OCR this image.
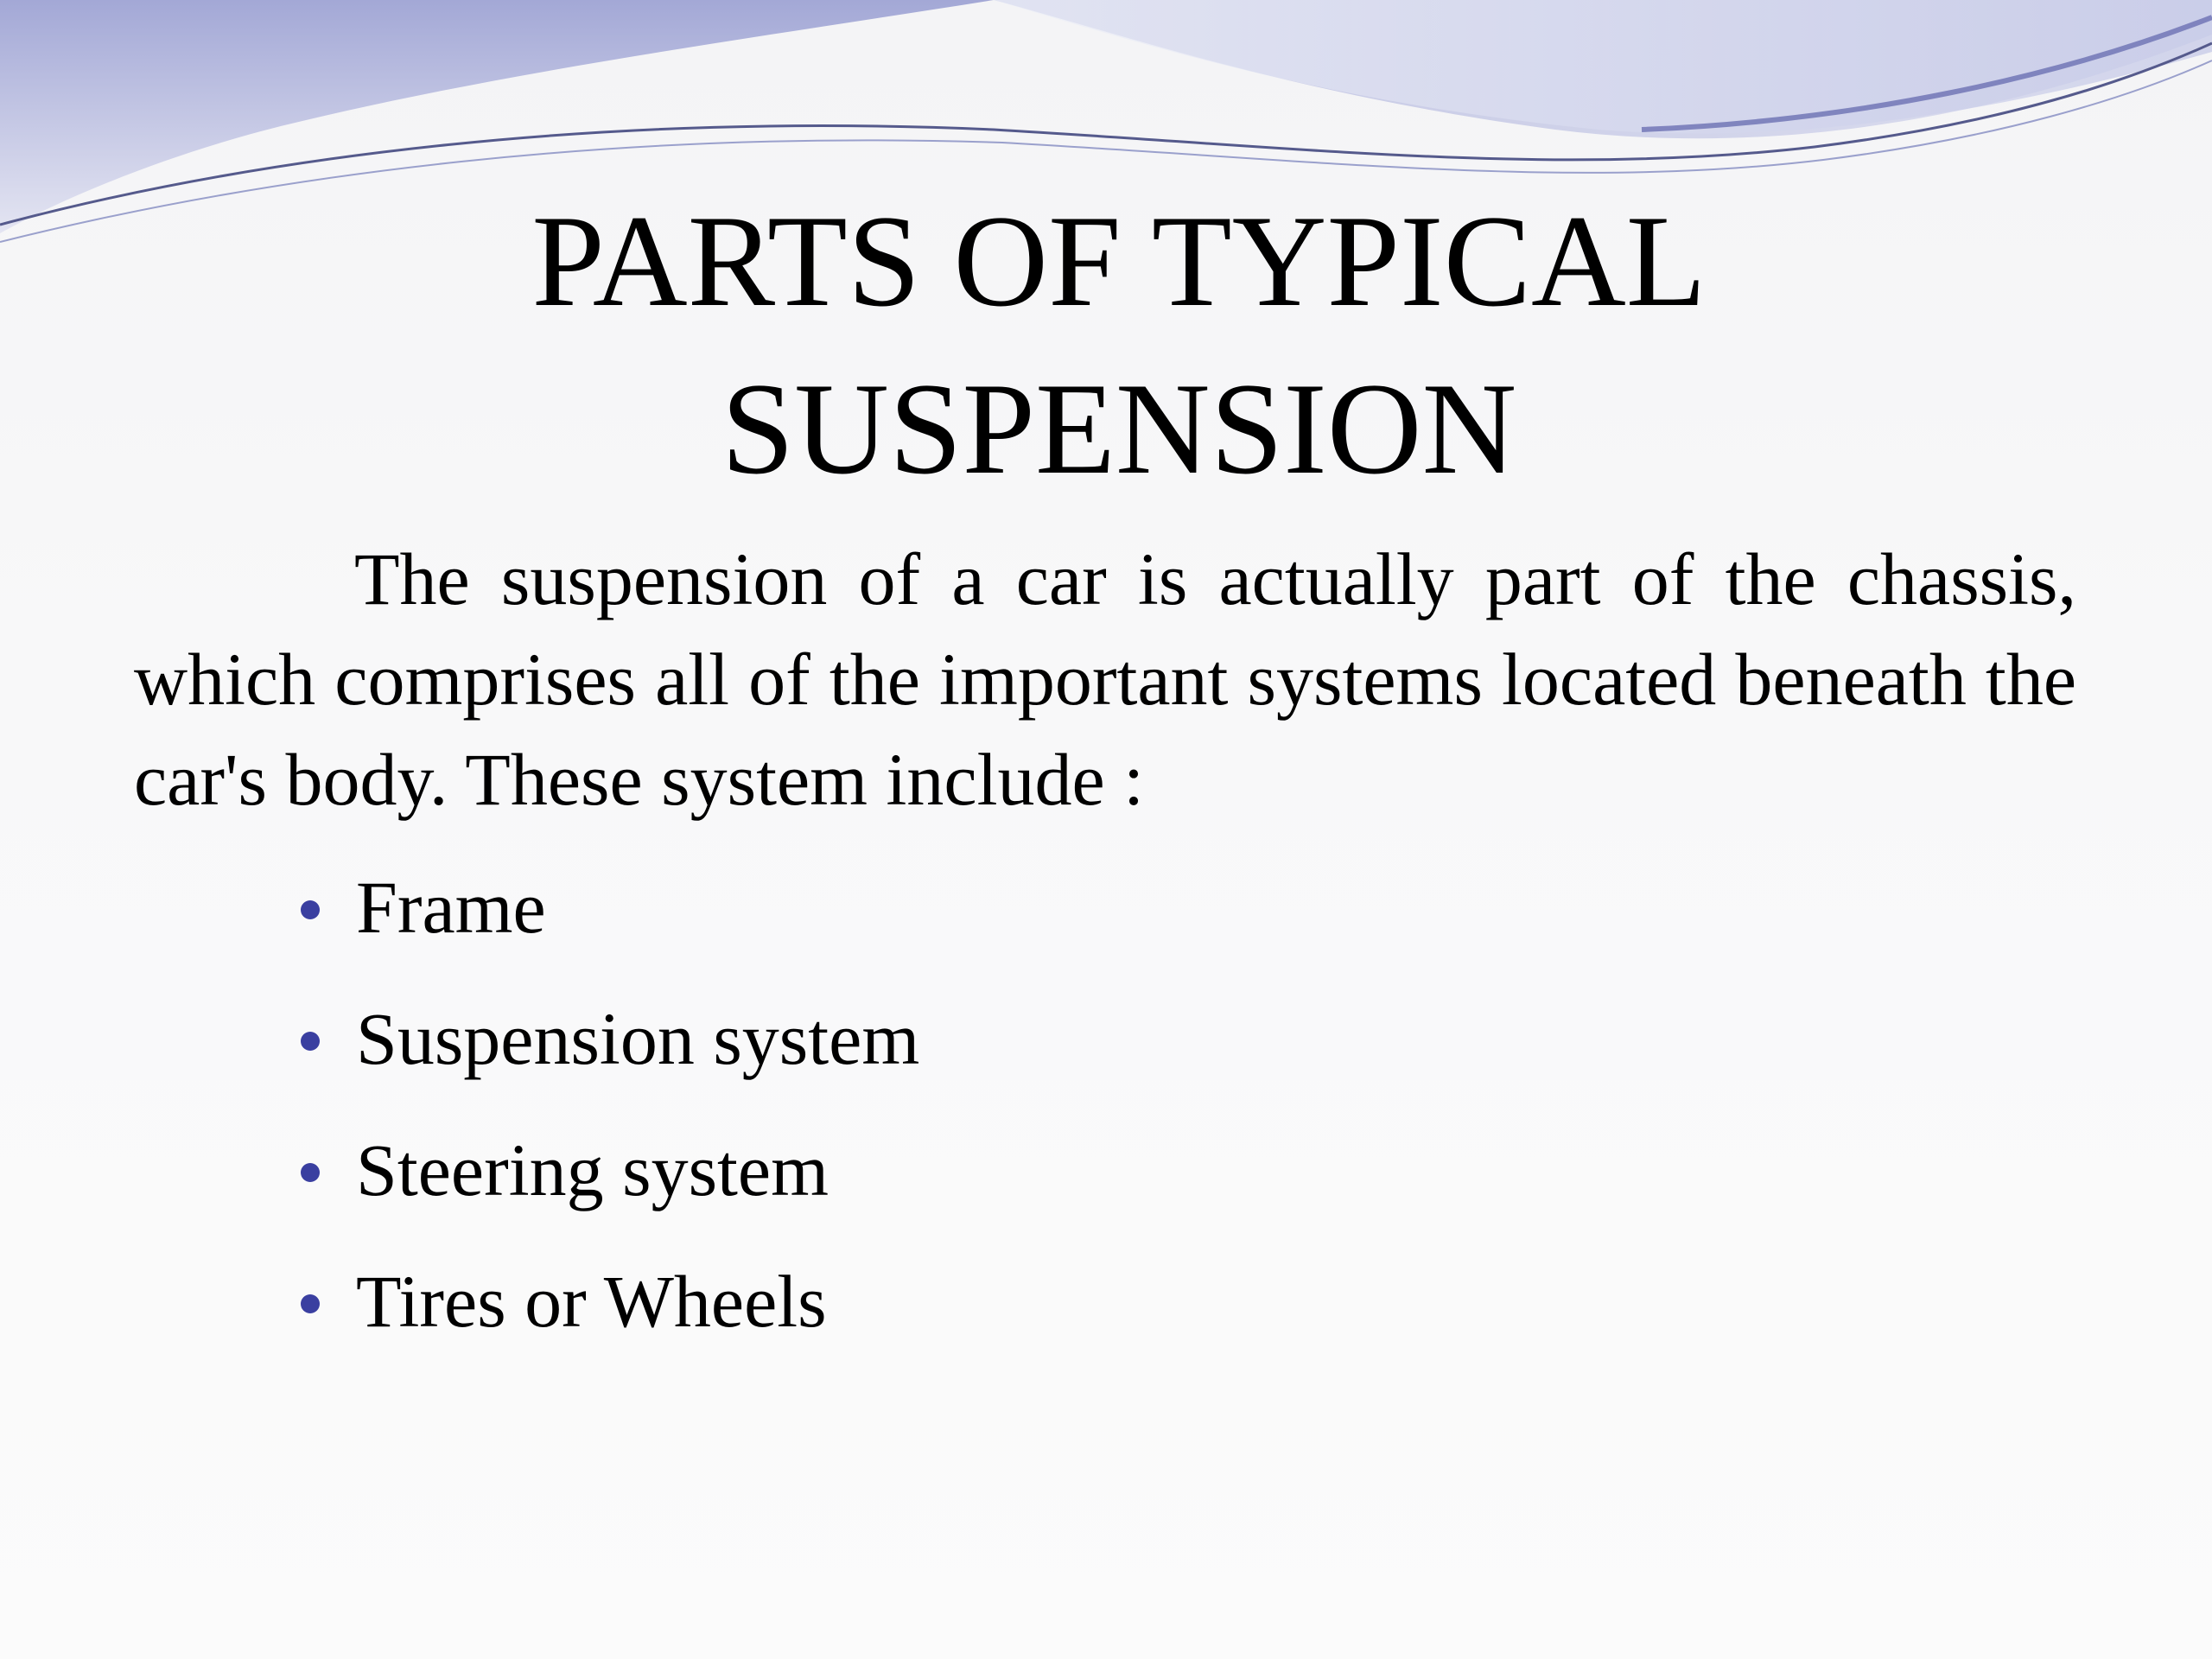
PARTS OF TYPICAL
SUSPENSION

The suspension of a car is actually part of the chassis, which comprises all of the important systems located beneath the car's body. These system include :

Frame
Suspension system
Steering system
Tires or Wheels
